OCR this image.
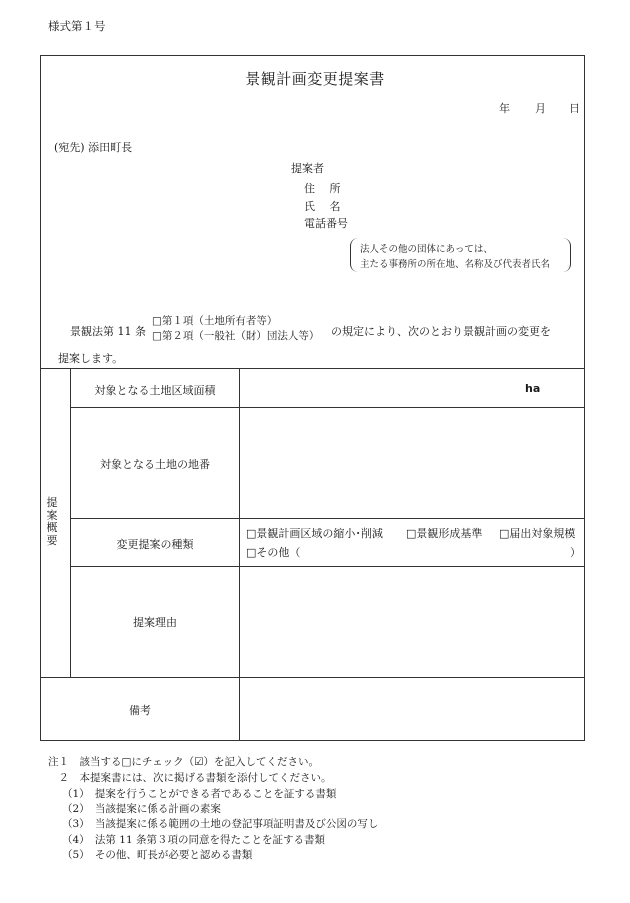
様式第１号
景観計画変更提案書
年 月 日
(宛先) 添田町長
提案者
住　 所
氏　 名
電話番号
法人その他の団体にあっては、
主たる事務所の所在地、名称及び代表者氏名
景観法第 11 条
□第１項（土地所有者等）
□第２項（一般社（財）団法人等） の規定により、次のとおり景観計画の変更を
提案します。
提案概要
対象となる土地区域面積	ha
対象となる土地の地番
変更提案の種類
□景観計画区域の縮小･削減 □景観形成基準 □届出対象規模
□その他（	）
提案理由
備考
注１　該当する□にチェック（☑）を記入してください。
　２　本提案書には、次に掲げる書類を添付してください。
（1）　提案を行うことができる者であることを証する書類
（2）　当該提案に係る計画の素案
（3）　当該提案に係る範囲の土地の登記事項証明書及び公図の写し
（4）　法第 11 条第３項の同意を得たことを証する書類
（5）　その他、町長が必要と認める書類
